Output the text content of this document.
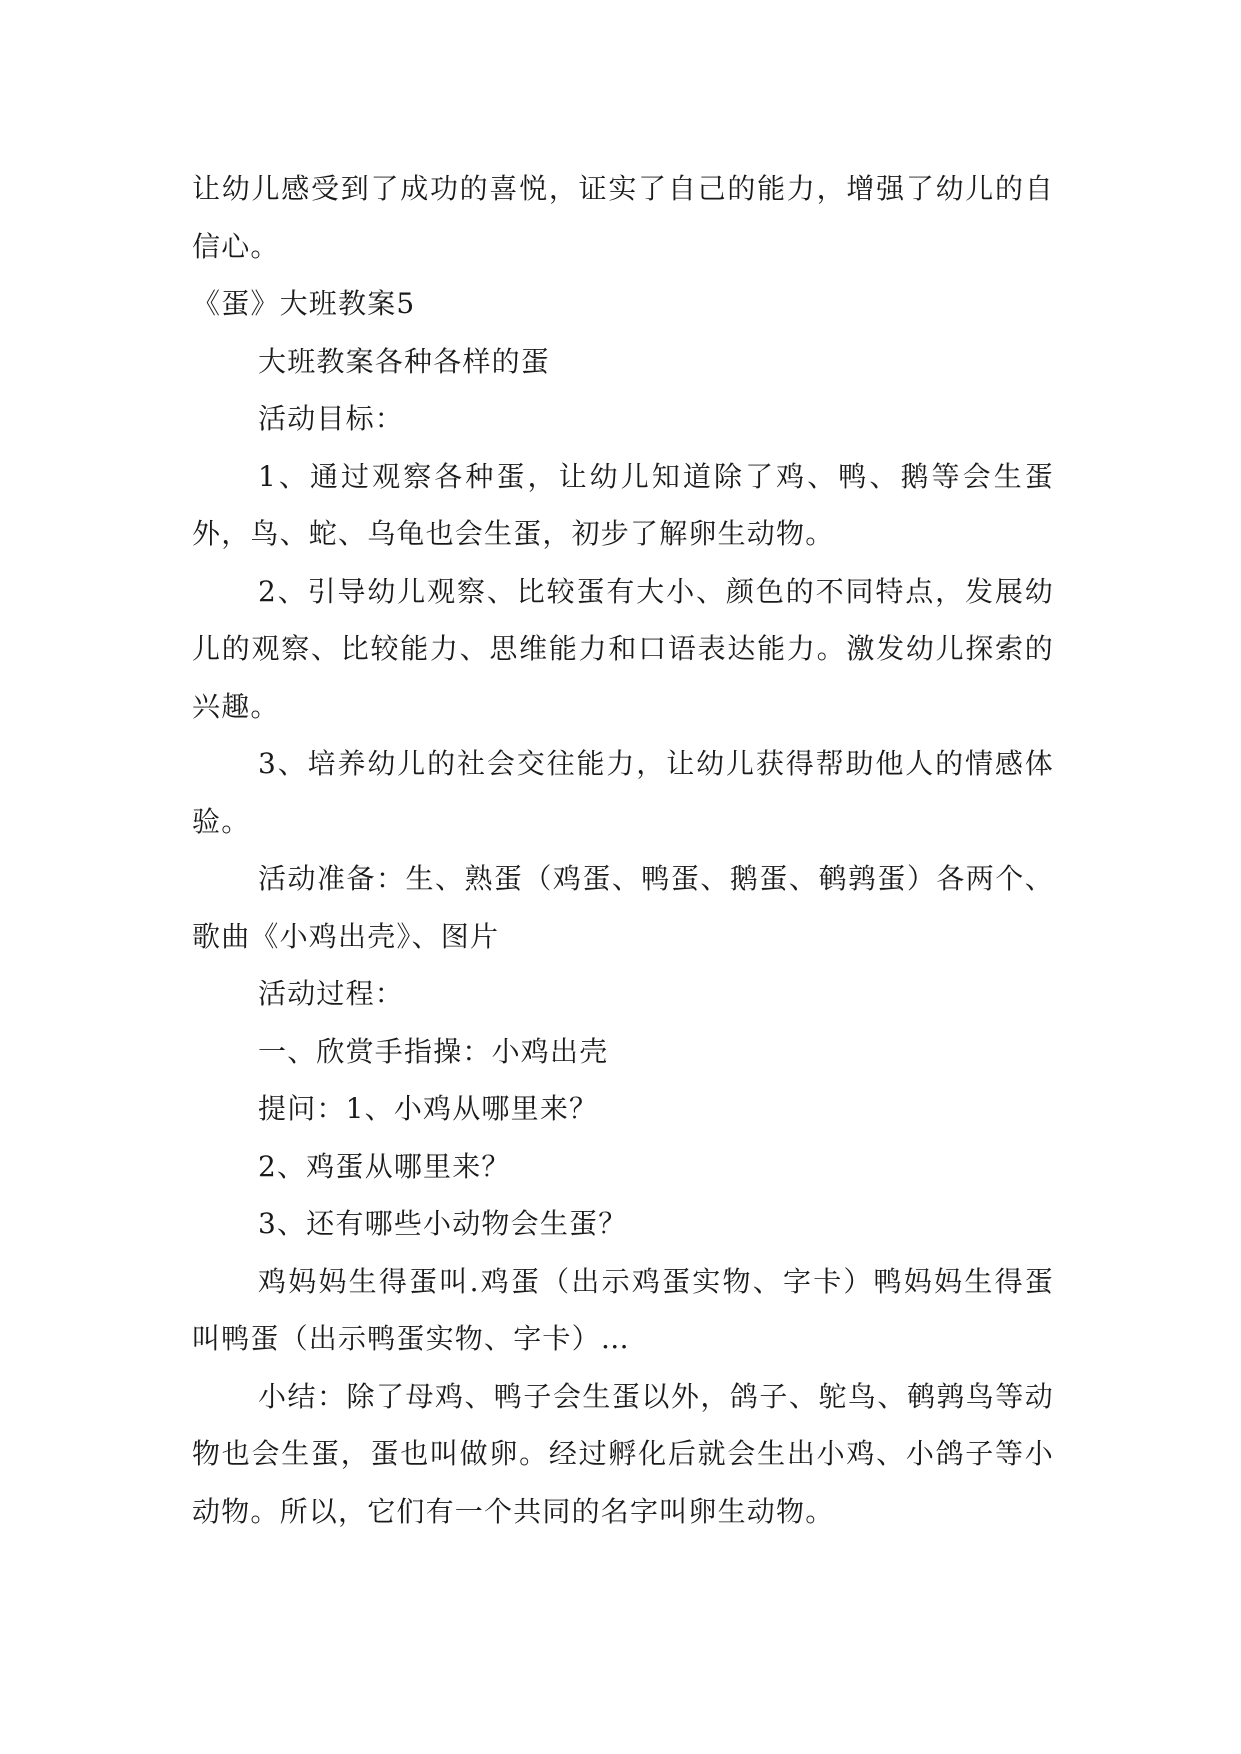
让幼儿感受到了成功的喜悦，证实了自己的能力，增强了幼儿的自信心。

《蛋》大班教案5

大班教案各种各样的蛋

活动目标：

1、通过观察各种蛋，让幼儿知道除了鸡、鸭、鹅等会生蛋外，鸟、蛇、乌龟也会生蛋，初步了解卵生动物。

2、引导幼儿观察、比较蛋有大小、颜色的不同特点，发展幼儿的观察、比较能力、思维能力和口语表达能力。激发幼儿探索的兴趣。

3、培养幼儿的社会交往能力，让幼儿获得帮助他人的情感体验。

活动准备：生、熟蛋（鸡蛋、鸭蛋、鹅蛋、鹌鹑蛋）各两个、歌曲《小鸡出壳》、图片

活动过程：

一、欣赏手指操：小鸡出壳

提问：1、小鸡从哪里来？

2、鸡蛋从哪里来？

3、还有哪些小动物会生蛋？

鸡妈妈生得蛋叫.鸡蛋（出示鸡蛋实物、字卡）鸭妈妈生得蛋叫鸭蛋（出示鸭蛋实物、字卡）…

小结：除了母鸡、鸭子会生蛋以外，鸽子、鸵鸟、鹌鹑鸟等动物也会生蛋，蛋也叫做卵。经过孵化后就会生出小鸡、小鸽子等小动物。所以，它们有一个共同的名字叫卵生动物。
